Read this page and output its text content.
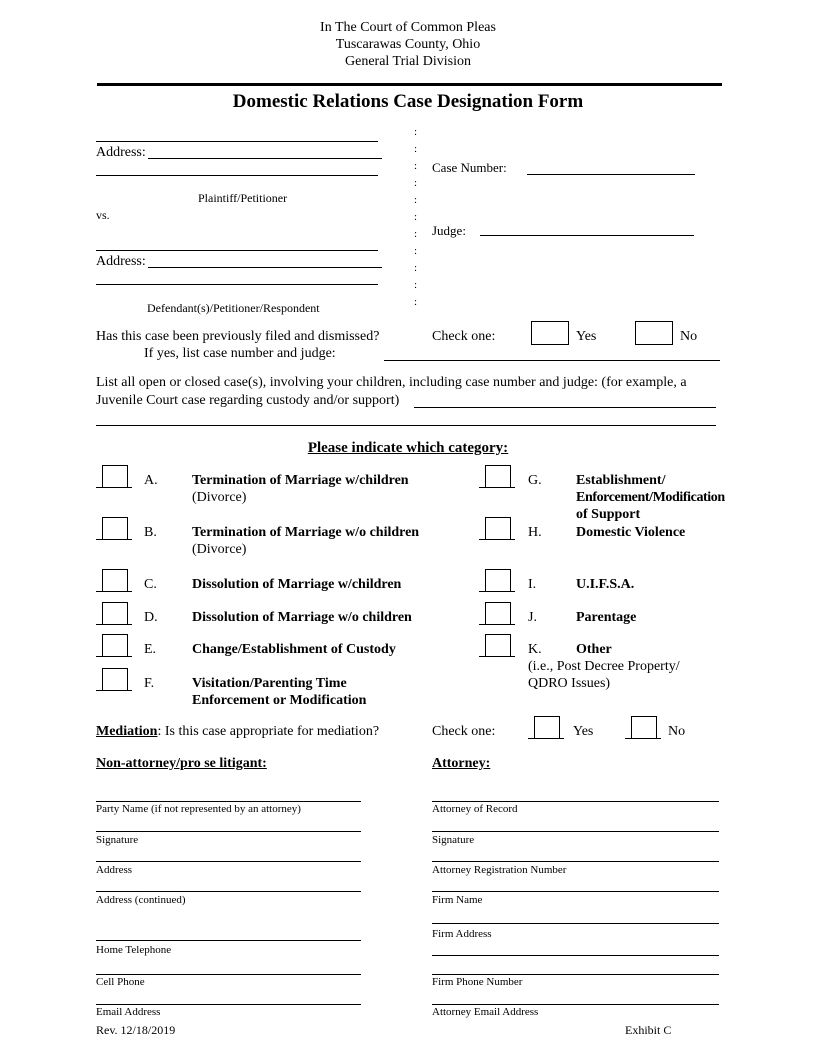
In The Court of Common Pleas
Tuscarawas County, Ohio
General Trial Division
Domestic Relations Case Designation Form
Address:
Plaintiff/Petitioner
vs.
Address:
Defendant(s)/Petitioner/Respondent
:
:
:
:
:
:
:
:
:
:
:
Case Number:
Judge:
Has this case been previously filed and dismissed?	Check one:	Yes	No
If yes, list case number and judge:
List all open or closed case(s), involving your children, including case number and judge: (for example, a
Juvenile Court case regarding custody and/or support)
Please indicate which category:
A. Termination of Marriage w/children
(Divorce)
B.	Termination of Marriage w/o children
(Divorce)
C.	Dissolution of Marriage w/children
D. Dissolution of Marriage w/o children
E.	Change/Establishment of Custody
F.	Visitation/Parenting Time
Enforcement or Modification
G. Establishment/
Enforcement/Modification
of Support
H. Domestic Violence
I.	U.I.F.S.A.
J.	Parentage
K. Other
(i.e., Post Decree Property/
QDRO Issues)
Mediation: Is this case appropriate for mediation?	Check one:	Yes	No
Non-attorney/pro se litigant:	Attorney:
Party Name (if not represented by an attorney)
Signature
Address
Address (continued)
Home Telephone
Cell Phone
Email Address
Attorney of Record
Signature
Attorney Registration Number
Firm Name
Firm Address
Firm Phone Number
Attorney Email Address
Rev. 12/18/2019	Exhibit C
